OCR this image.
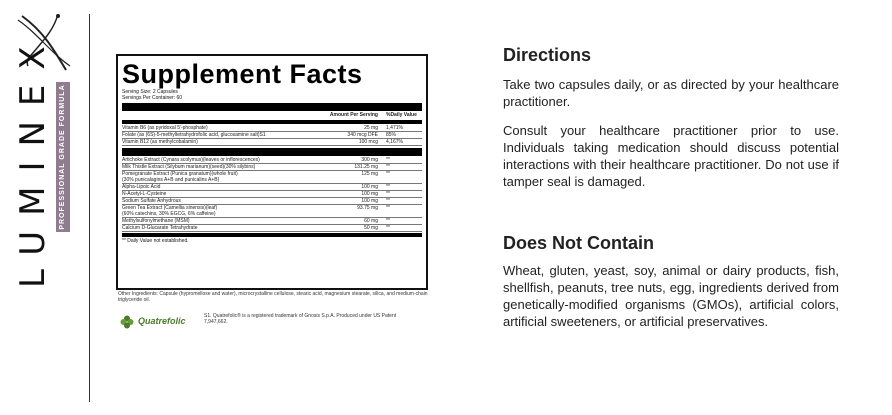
LUMINEX PROFESSIONAL GRADE FORMULA
Supplement Facts
Serving Size: 2 Capsules
Servings Per Container: 60
Amount Per Serving	%Daily Value
Vitamin B6 (as pyridoxal 5'-phosphate)	25 mg	1,471%
Folate (as (6S)-5-methyltetrahydrofolic acid, glucosamine salt)S1	340 mcg DFE	85%
Vitamin B12 (as methylcobalamin)	100 mcg	4,167%
Artichoke Extract (Cynara scolymus)(leaves or inflorescences)	300 mg	**
Milk Thistle Extract (Silybum marianum)(seed)(30% silybins)	131.25 mg	**
Pomegranate Extract (Punica granatum)(whole fruit)
(30% punicalagins A+B and punicalins A+B)
125 mg	**
Alpha-Lipoic Acid	100 mg	**
N-Acetyl-L-Cysteine	100 mg	**
Sodium Sulfate Anhydrous	100 mg	**
Green Tea Extract (Camellia sinensis)(leaf)
(60% catechins, 30% EGCG, 6% caffeine)
93.75 mg	**
Methylsulfonylmethane (MSM)	60 mg	**
Calcium D-Glucarate Tetrahydrate	50 mg	**
** Daily Value not established.
Other Ingredients: Capsule (hypromellose and water), microcrystalline cellulose, stearic acid, magnesium stearate, silica, and medium-chain triglyceride oil.
Quatrefolic	S1. Quatrefolic® is a registered trademark of Gnosis S.p.A. Produced under US Patent 7,947,662.
Directions

Take two capsules daily, or as directed by your healthcare practitioner.

Consult your healthcare practitioner prior to use. Individuals taking medication should discuss potential interactions with their healthcare practitioner. Do not use if tamper seal is damaged.

Does Not Contain

Wheat, gluten, yeast, soy, animal or dairy products, fish, shellfish, peanuts, tree nuts, egg, ingredients derived from genetically-modified organisms (GMOs), artificial colors, artificial sweeteners, or artificial preservatives.
